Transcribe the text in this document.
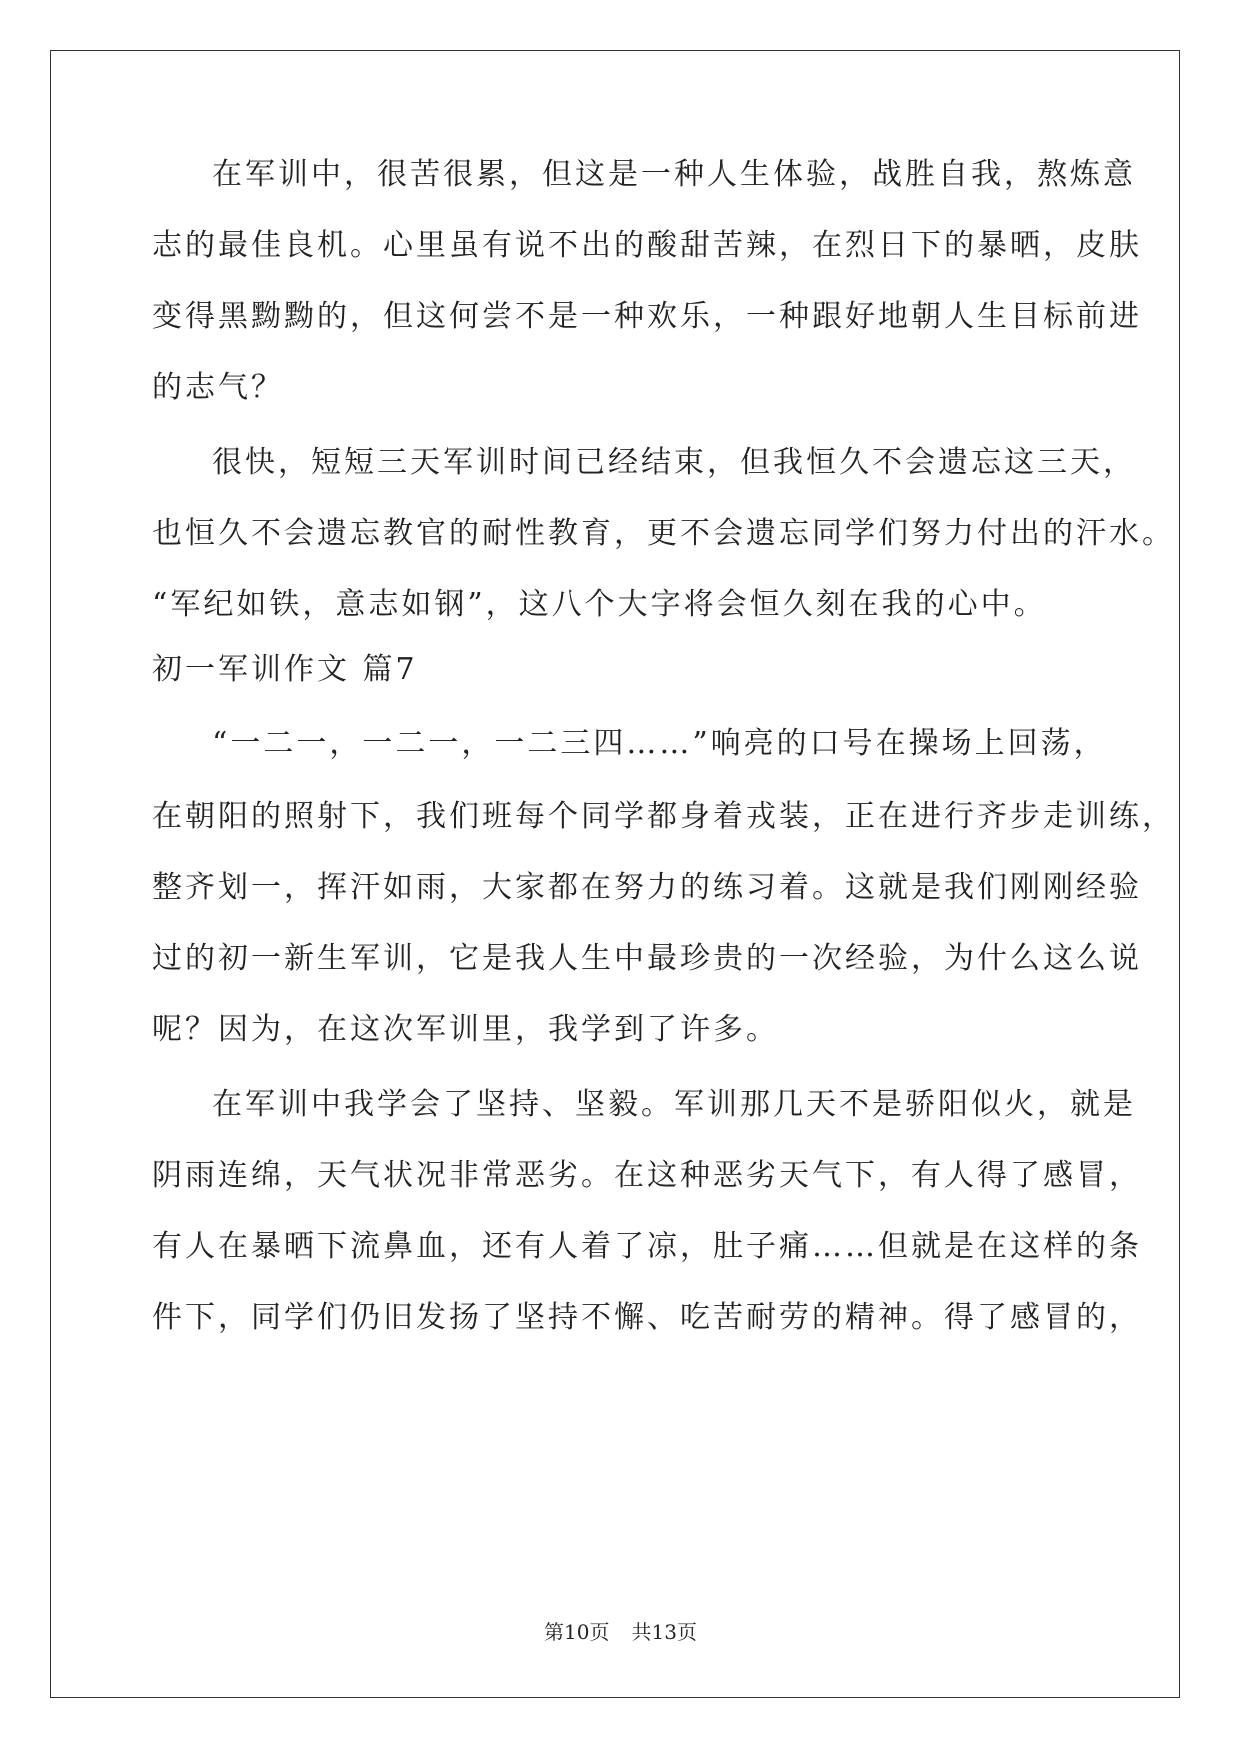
在军训中，很苦很累，但这是一种人生体验，战胜自我，熬炼意
志的最佳良机。心里虽有说不出的酸甜苦辣，在烈日下的暴晒，皮肤
变得黑黝黝的，但这何尝不是一种欢乐，一种跟好地朝人生目标前进
的志气？
很快，短短三天军训时间已经结束，但我恒久不会遗忘这三天，
也恒久不会遗忘教官的耐性教育，更不会遗忘同学们努力付出的汗水。
“军纪如铁，意志如钢”，这八个大字将会恒久刻在我的心中。
初一军训作文 篇7
“一二一，一二一，一二三四……”响亮的口号在操场上回荡，
在朝阳的照射下，我们班每个同学都身着戎装，正在进行齐步走训练，
整齐划一，挥汗如雨，大家都在努力的练习着。这就是我们刚刚经验
过的初一新生军训，它是我人生中最珍贵的一次经验，为什么这么说
呢？因为，在这次军训里，我学到了许多。
在军训中我学会了坚持、坚毅。军训那几天不是骄阳似火，就是
阴雨连绵，天气状况非常恶劣。在这种恶劣天气下，有人得了感冒，
有人在暴晒下流鼻血，还有人着了凉，肚子痛……但就是在这样的条
件下，同学们仍旧发扬了坚持不懈、吃苦耐劳的精神。得了感冒的，
第10页 共13页
